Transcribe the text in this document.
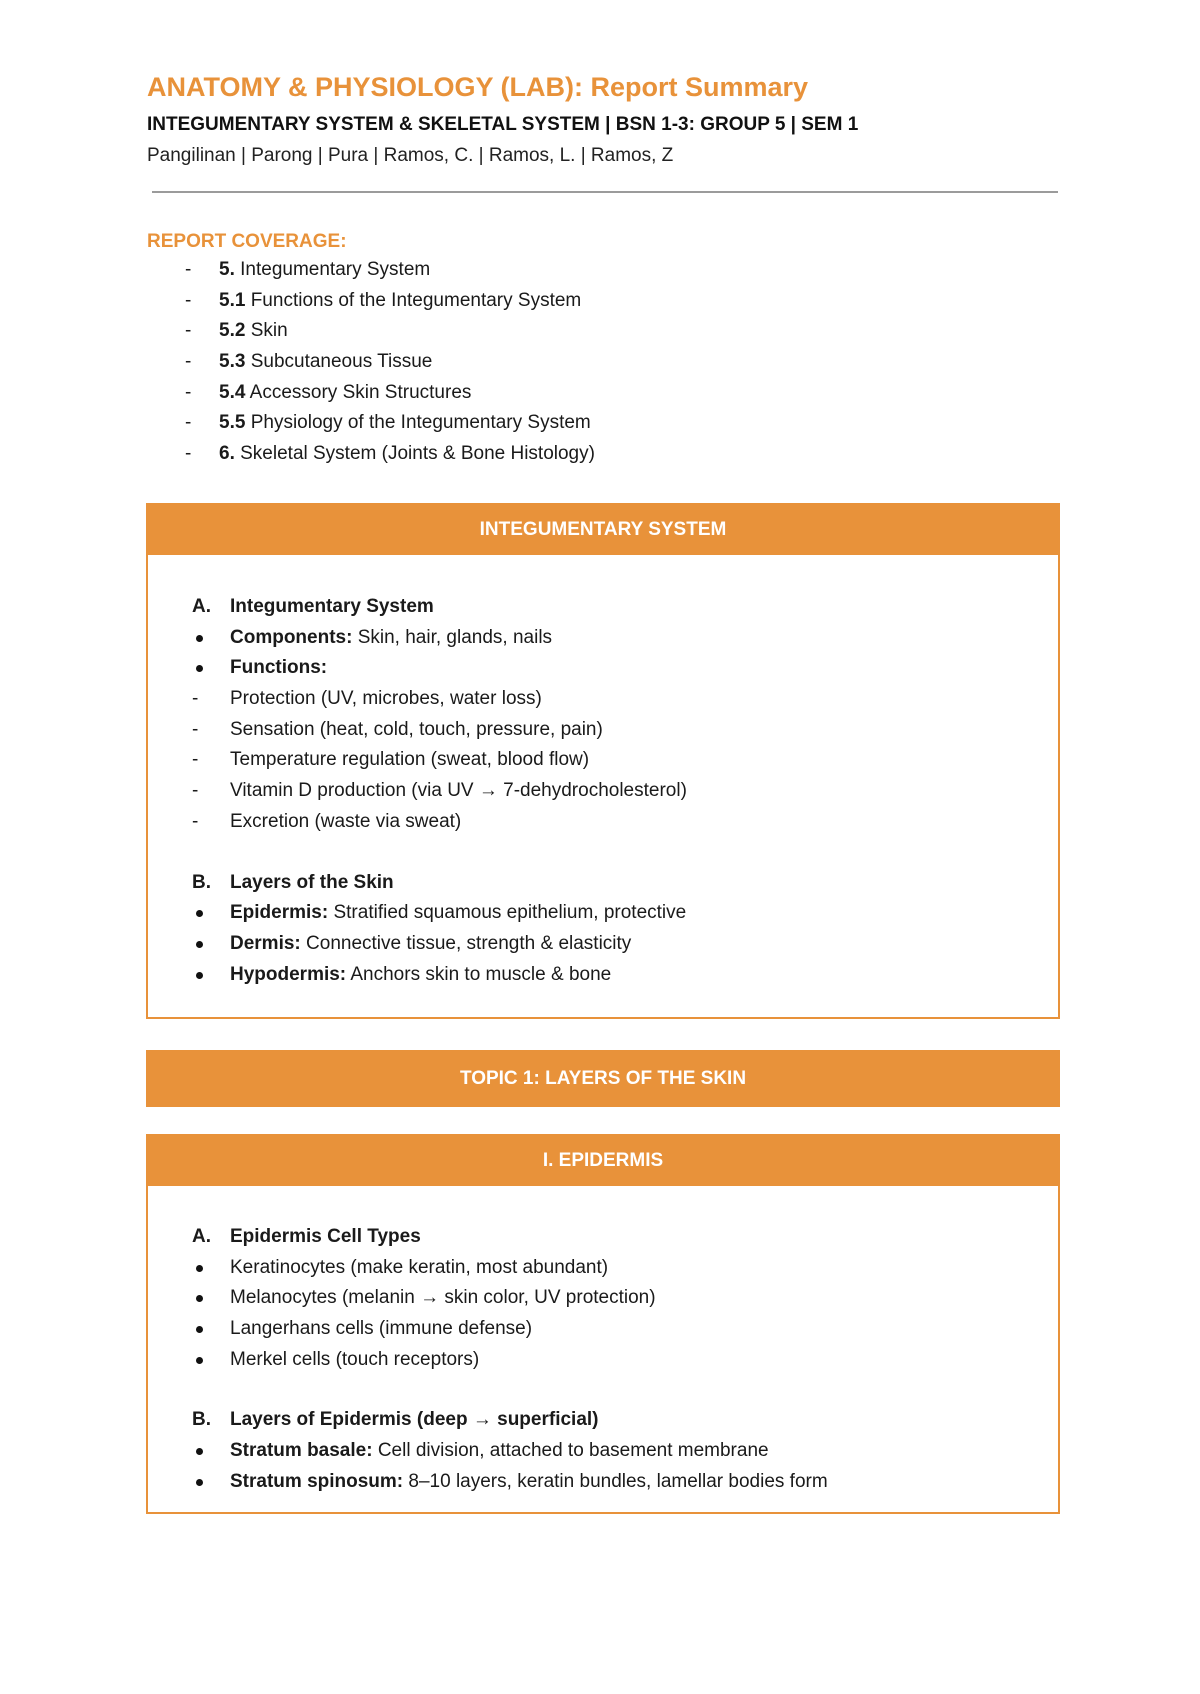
ANATOMY & PHYSIOLOGY (LAB): Report Summary
INTEGUMENTARY SYSTEM & SKELETAL SYSTEM | BSN 1-3: GROUP 5 | SEM 1
Pangilinan | Parong | Pura | Ramos, C. | Ramos, L. | Ramos, Z
REPORT COVERAGE:
- 5. Integumentary System
- 5.1 Functions of the Integumentary System
- 5.2 Skin
- 5.3 Subcutaneous Tissue
- 5.4 Accessory Skin Structures
- 5.5 Physiology of the Integumentary System
- 6. Skeletal System (Joints & Bone Histology)
INTEGUMENTARY SYSTEM
A. Integumentary System
Components: Skin, hair, glands, nails
Functions:
- Protection (UV, microbes, water loss)
- Sensation (heat, cold, touch, pressure, pain)
- Temperature regulation (sweat, blood flow)
- Vitamin D production (via UV → 7-dehydrocholesterol)
- Excretion (waste via sweat)
B. Layers of the Skin
Epidermis: Stratified squamous epithelium, protective
Dermis: Connective tissue, strength & elasticity
Hypodermis: Anchors skin to muscle & bone
TOPIC 1: LAYERS OF THE SKIN
I. EPIDERMIS
A. Epidermis Cell Types
Keratinocytes (make keratin, most abundant)
Melanocytes (melanin → skin color, UV protection)
Langerhans cells (immune defense)
Merkel cells (touch receptors)
B. Layers of Epidermis (deep → superficial)
Stratum basale: Cell division, attached to basement membrane
Stratum spinosum: 8–10 layers, keratin bundles, lamellar bodies form
